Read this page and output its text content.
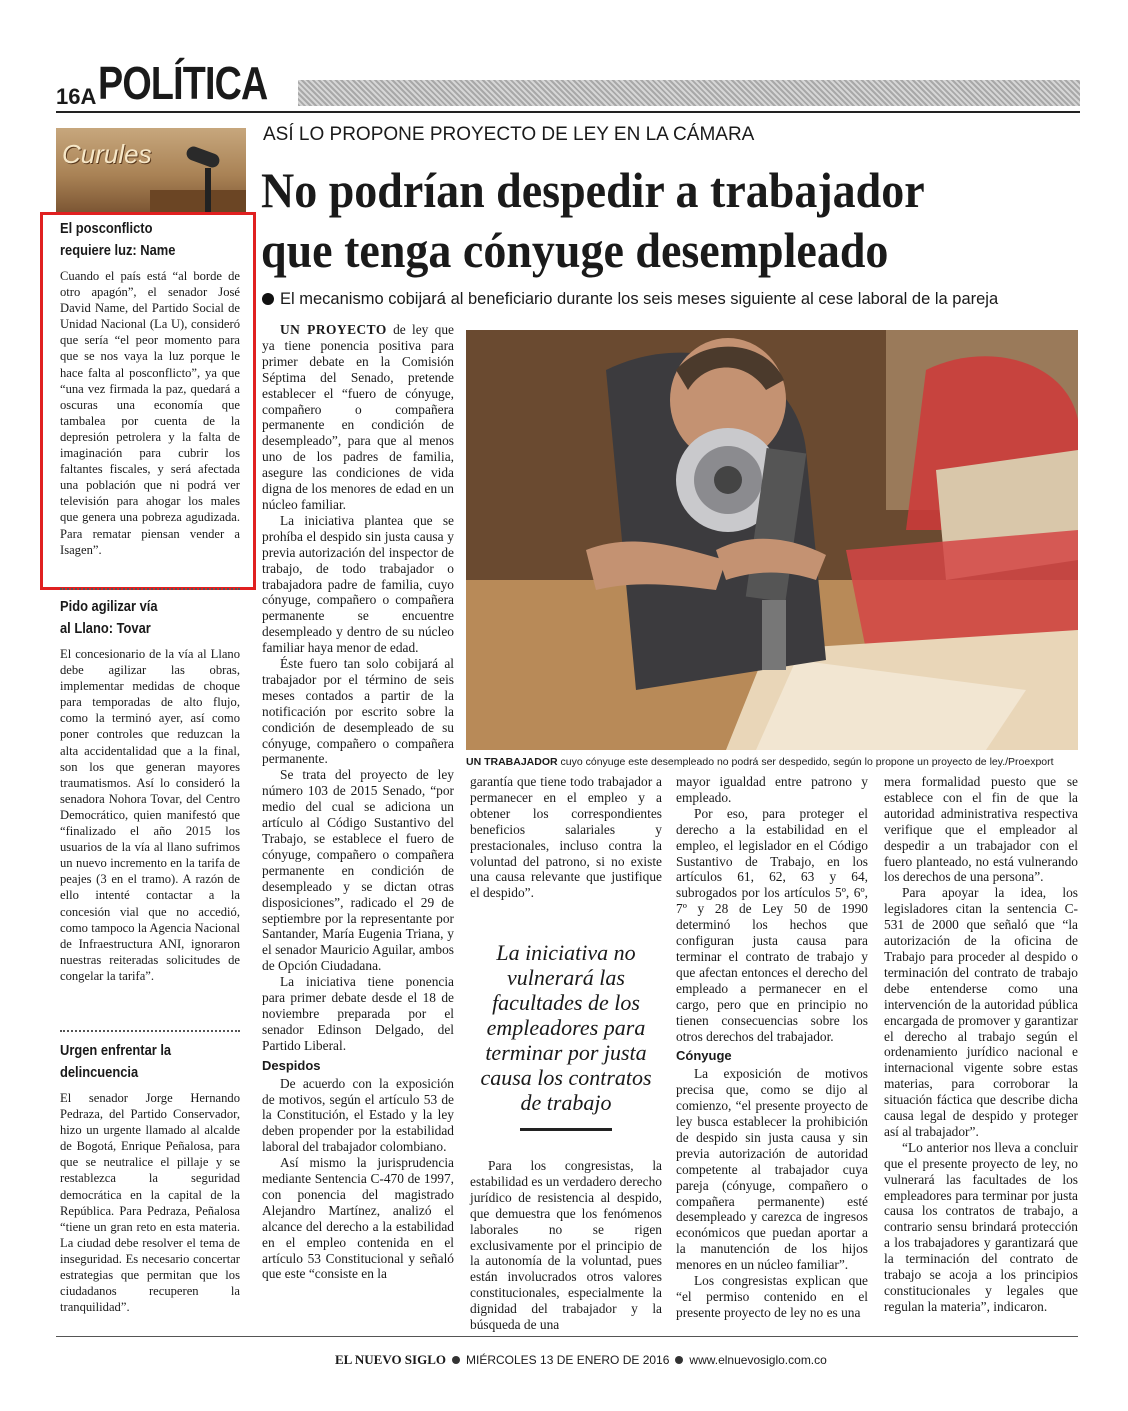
16A POLÍTICA
Curules
El posconflicto
requiere luz: Name

Cuando el país está “al borde de otro apagón”, el senador José David Name, del Partido Social de Unidad Nacional (La U), consideró que sería “el peor momento para que se nos vaya la luz porque le hace falta al posconflicto”, ya que “una vez firmada la paz, quedará a oscuras una economía que tambalea por cuenta de la depresión petrolera y la falta de imaginación para cubrir los faltantes fiscales, y será afectada una población que ni podrá ver televisión para ahogar los males que genera una pobreza agudizada. Para rematar piensan vender a Isagen”.

Pido agilizar vía
al Llano: Tovar

El concesionario de la vía al Llano debe agilizar las obras, implementar medidas de choque para temporadas de alto flujo, como la terminó ayer, así como poner controles que reduzcan la alta accidentalidad que a la final, son los que generan mayores traumatismos. Así lo consideró la senadora Nohora Tovar, del Centro Democrático, quien manifestó que “finalizado el año 2015 los usuarios de la vía al llano sufrimos un nuevo incremento en la tarifa de peajes (3 en el tramo). A razón de ello intenté contactar a la concesión vial que no accedió, como tampoco la Agencia Nacional de Infraestructura ANI, ignoraron nuestras reiteradas solicitudes de congelar la tarifa”.

Urgen enfrentar la
delincuencia

El senador Jorge Hernando Pedraza, del Partido Conservador, hizo un urgente llamado al alcalde de Bogotá, Enrique Peñalosa, para que se neutralice el pillaje y se restablezca la seguridad democrática en la capital de la República. Para Pedraza, Peñalosa “tiene un gran reto en esta materia. La ciudad debe resolver el tema de inseguridad. Es necesario concertar estrategias que permitan que los ciudadanos recuperen la tranquilidad”.

ASÍ LO PROPONE PROYECTO DE LEY EN LA CÁMARA
No podrían despedir a trabajador
que tenga cónyuge desempleado
El mecanismo cobijará al beneficiario durante los seis meses siguiente al cese laboral de la pareja
UN TRABAJADOR cuyo cónyuge este desempleado no podrá ser despedido, según lo propone un proyecto de ley./Proexport

UN PROYECTO de ley que ya tiene ponencia positiva para primer debate en la Comisión Séptima del Senado, pretende establecer el “fuero de cónyuge, compañero o compañera permanente en condición de desempleado”, para que al menos uno de los padres de familia, asegure las condiciones de vida digna de los menores de edad en un núcleo familiar.

La iniciativa plantea que se prohíba el despido sin justa causa y previa autorización del inspector de trabajo, de todo trabajador o trabajadora padre de familia, cuyo cónyuge, compañero o compañera permanente se encuentre desempleado y dentro de su núcleo familiar haya menor de edad.

Éste fuero tan solo cobijará al trabajador por el término de seis meses contados a partir de la notificación por escrito sobre la condición de desempleado de su cónyuge, compañero o compañera permanente.

Se trata del proyecto de ley número 103 de 2015 Senado, “por medio del cual se adiciona un artículo al Código Sustantivo del Trabajo, se establece el fuero de cónyuge, compañero o compañera permanente en condición de desempleado y se dictan otras disposiciones”, radicado el 29 de septiembre por la representante por Santander, María Eugenia Triana, y el senador Mauricio Aguilar, ambos de Opción Ciudadana.

La iniciativa tiene ponencia para primer debate desde el 18 de noviembre preparada por el senador Edinson Delgado, del Partido Liberal.

Despidos

De acuerdo con la exposición de motivos, según el artículo 53 de la Constitución, el Estado y la ley deben propender por la estabilidad laboral del trabajador colombiano.

Así mismo la jurisprudencia mediante Sentencia C-470 de 1997, con ponencia del magistrado Alejandro Martínez, analizó el alcance del derecho a la estabilidad en el empleo contenida en el artículo 53 Constitucional y señaló que este “consiste en la

garantía que tiene todo trabajador a permanecer en el empleo y a obtener los correspondientes beneficios salariales y prestacionales, incluso contra la voluntad del patrono, si no existe una causa relevante que justifique el despido”.

La iniciativa no vulnerará las facultades de los empleadores para terminar por justa causa los contratos de trabajo

Para los congresistas, la estabilidad es un verdadero derecho jurídico de resistencia al despido, que demuestra que los fenómenos laborales no se rigen exclusivamente por el principio de la autonomía de la voluntad, pues están involucrados otros valores constitucionales, especialmente la dignidad del trabajador y la búsqueda de una

mayor igualdad entre patrono y empleado.

Por eso, para proteger el derecho a la estabilidad en el empleo, el legislador en el Código Sustantivo de Trabajo, en los artículos 61, 62, 63 y 64, subrogados por los artículos 5º, 6º, 7º y 28 de Ley 50 de 1990 determinó los hechos que configuran justa causa para terminar el contrato de trabajo y que afectan entonces el derecho del empleado a permanecer en el cargo, pero que en principio no tienen consecuencias sobre los otros derechos del trabajador.

Cónyuge

La exposición de motivos precisa que, como se dijo al comienzo, “el presente proyecto de ley busca establecer la prohibición de despido sin justa causa y sin previa autorización de autoridad competente al trabajador cuya pareja (cónyuge, compañero o compañera permanente) esté desempleado y carezca de ingresos económicos que puedan aportar a la manutención de los hijos menores en un núcleo familiar”.

Los congresistas explican que “el permiso contenido en el presente proyecto de ley no es una

mera formalidad puesto que se establece con el fin de que la autoridad administrativa respectiva verifique que el empleador al despedir a un trabajador con el fuero planteado, no está vulnerando los derechos de una persona”.

Para apoyar la idea, los legisladores citan la sentencia C-531 de 2000 que señaló que “la autorización de la oficina de Trabajo para proceder al despido o terminación del contrato de trabajo debe entenderse como una intervención de la autoridad pública encargada de promover y garantizar el derecho al trabajo según el ordenamiento jurídico nacional e internacional vigente sobre estas materias, para corroborar la situación fáctica que describe dicha causa legal de despido y proteger así al trabajador”.

“Lo anterior nos lleva a concluir que el presente proyecto de ley, no vulnerará las facultades de los empleadores para terminar por justa causa los contratos de trabajo, a contrario sensu brindará protección a los trabajadores y garantizará que la terminación del contrato de trabajo se acoja a los principios constitucionales y legales que regulan la materia”, indicaron.

EL NUEVO SIGLO MIÉRCOLES 13 DE ENERO DE 2016 www.elnuevosiglo.com.co
